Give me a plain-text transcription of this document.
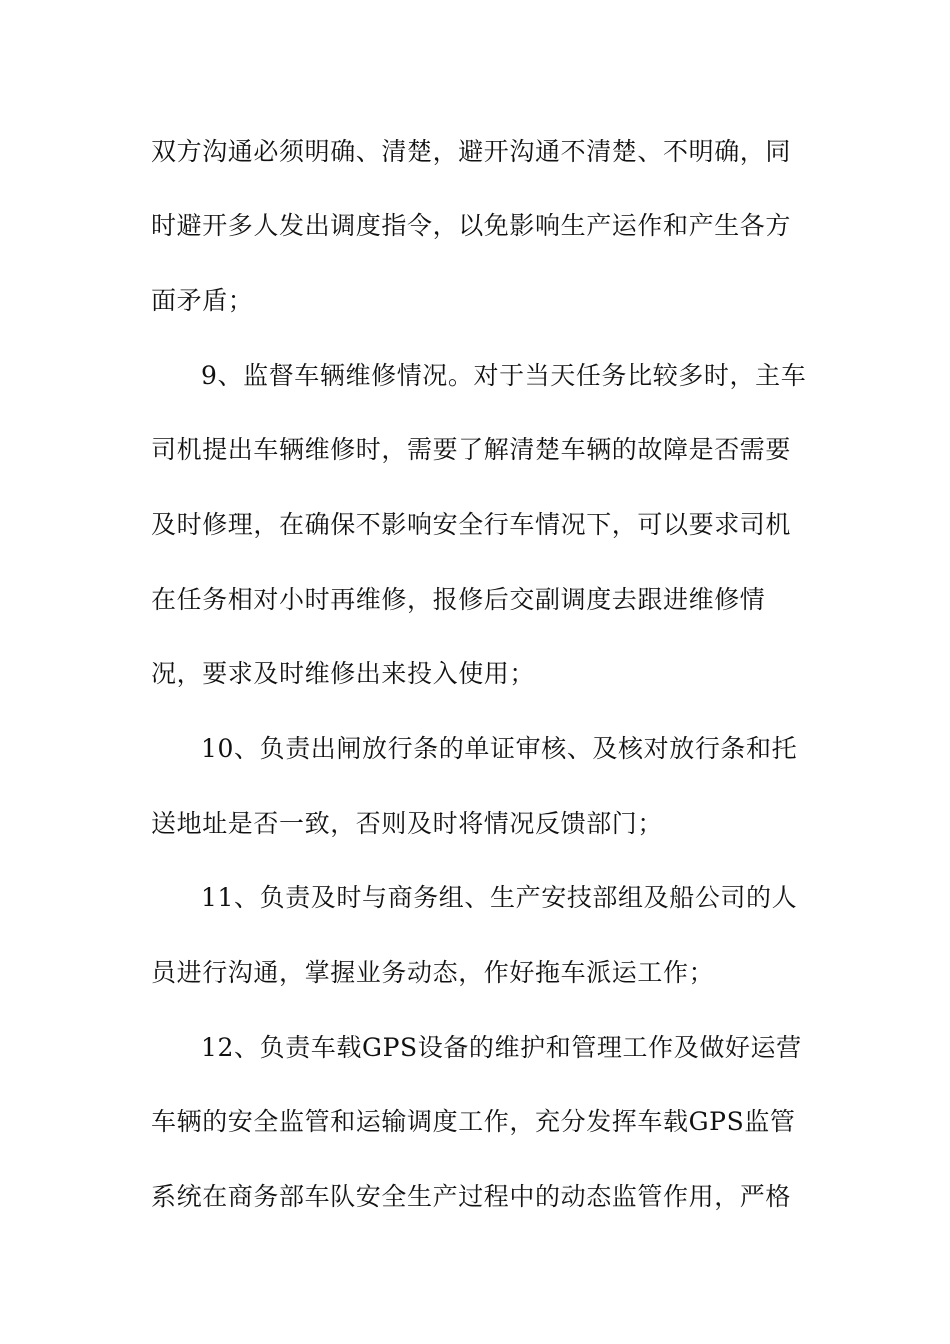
双方沟通必须明确、清楚，避开沟通不清楚、不明确，同
时避开多人发出调度指令，以免影响生产运作和产生各方
面矛盾；
9、监督车辆维修情况。对于当天任务比较多时，主车
司机提出车辆维修时，需要了解清楚车辆的故障是否需要
及时修理，在确保不影响安全行车情况下，可以要求司机
在任务相对小时再维修，报修后交副调度去跟进维修情
况，要求及时维修出来投入使用；
10、负责出闸放行条的单证审核、及核对放行条和托
送地址是否一致，否则及时将情况反馈部门；
11、负责及时与商务组、生产安技部组及船公司的人
员进行沟通，掌握业务动态，作好拖车派运工作；
12、负责车载GPS设备的维护和管理工作及做好运营
车辆的安全监管和运输调度工作，充分发挥车载GPS监管
系统在商务部车队安全生产过程中的动态监管作用，严格
